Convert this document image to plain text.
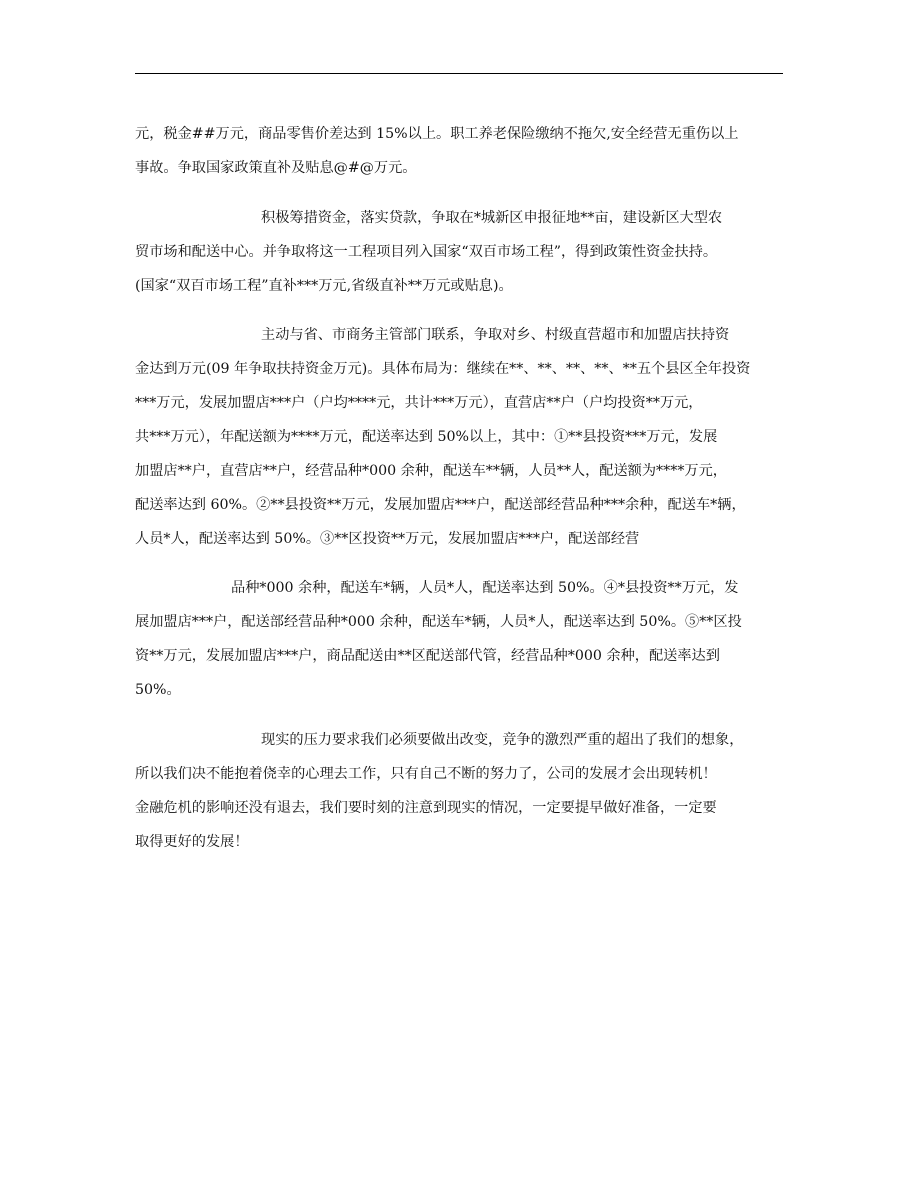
元，税金##万元，商品零售价差达到 15%以上。职工养老保险缴纳不拖欠,安全经营无重伤以上
事故。争取国家政策直补及贴息@#@万元。
积极筹措资金，落实贷款，争取在*城新区申报征地**亩，建设新区大型农
贸市场和配送中心。并争取将这一工程项目列入国家“双百市场工程”，得到政策性资金扶持。
(国家“双百市场工程”直补***万元,省级直补**万元或贴息)。
主动与省、市商务主管部门联系，争取对乡、村级直营超市和加盟店扶持资
金达到万元(09 年争取扶持资金万元)。具体布局为：继续在**、**、**、**、**五个县区全年投资
***万元，发展加盟店***户（户均****元，共计***万元），直营店**户（户均投资**万元，
共***万元），年配送额为****万元，配送率达到 50%以上，其中：①**县投资***万元，发展
加盟店**户，直营店**户，经营品种*000 余种，配送车**辆，人员**人，配送额为****万元，
配送率达到 60%。②**县投资**万元，发展加盟店***户，配送部经营品种***余种，配送车*辆，
人员*人，配送率达到 50%。③**区投资**万元，发展加盟店***户，配送部经营
品种*000 余种，配送车*辆，人员*人，配送率达到 50%。④*县投资**万元，发
展加盟店***户，配送部经营品种*000 余种，配送车*辆，人员*人，配送率达到 50%。⑤**区投
资**万元，发展加盟店***户，商品配送由**区配送部代管，经营品种*000 余种，配送率达到
50%。
现实的压力要求我们必须要做出改变，竞争的激烈严重的超出了我们的想象，
所以我们决不能抱着侥幸的心理去工作，只有自己不断的努力了，公司的发展才会出现转机！
金融危机的影响还没有退去，我们要时刻的注意到现实的情况，一定要提早做好准备，一定要
取得更好的发展！
